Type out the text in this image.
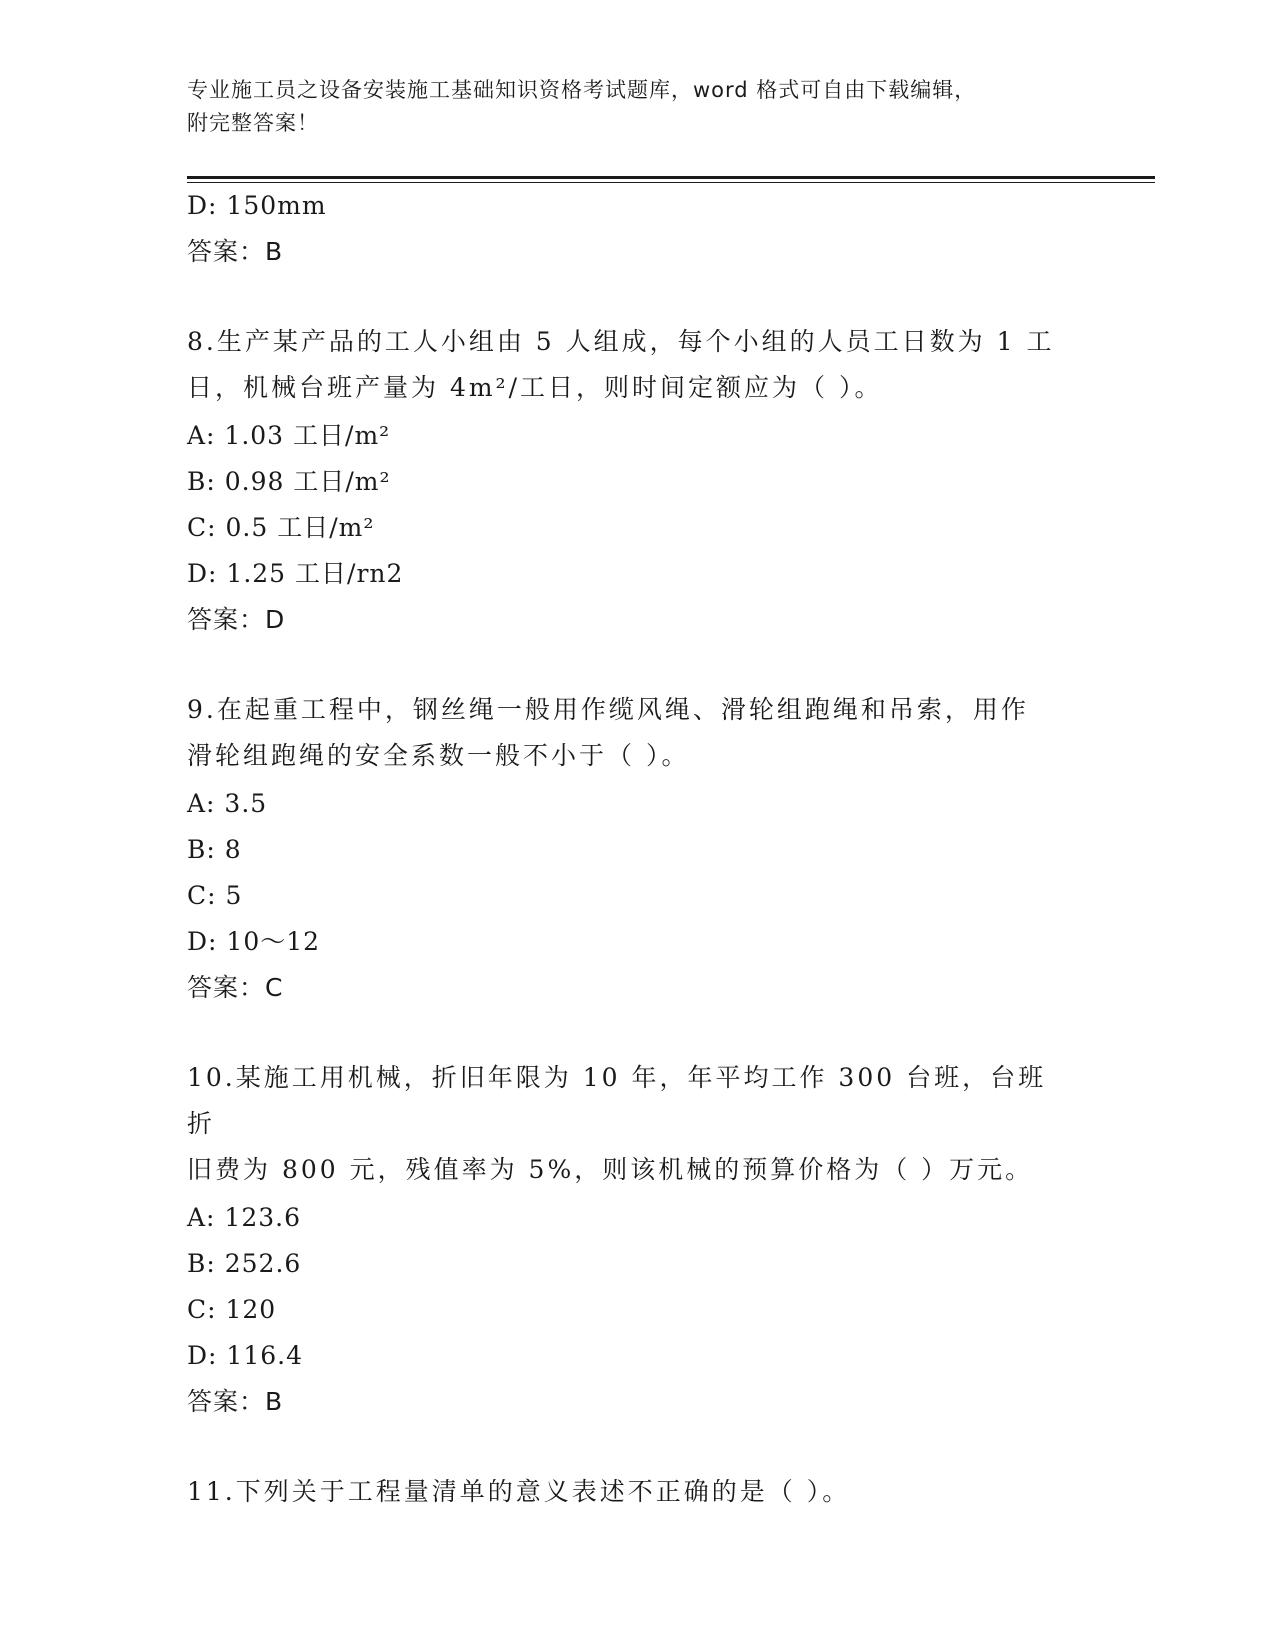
专业施工员之设备安装施工基础知识资格考试题库，word 格式可自由下载编辑，
附完整答案！
D: 150mm
答案：B
8.生产某产品的工人小组由 5 人组成，每个小组的人员工日数为 1 工
日，机械台班产量为 4m²/工日，则时间定额应为（ ）。
A: 1.03 工日/m²
B: 0.98 工日/m²
C: 0.5 工日/m²
D: 1.25 工日/rn2
答案：D
9.在起重工程中，钢丝绳一般用作缆风绳、滑轮组跑绳和吊索，用作
滑轮组跑绳的安全系数一般不小于（ ）。
A: 3.5
B: 8
C: 5
D: 10～12
答案：C
10.某施工用机械，折旧年限为 10 年，年平均工作 300 台班，台班折
旧费为 800 元，残值率为 5%，则该机械的预算价格为（ ）万元。
A: 123.6
B: 252.6
C: 120
D: 116.4
答案：B
11.下列关于工程量清单的意义表述不正确的是（ ）。
